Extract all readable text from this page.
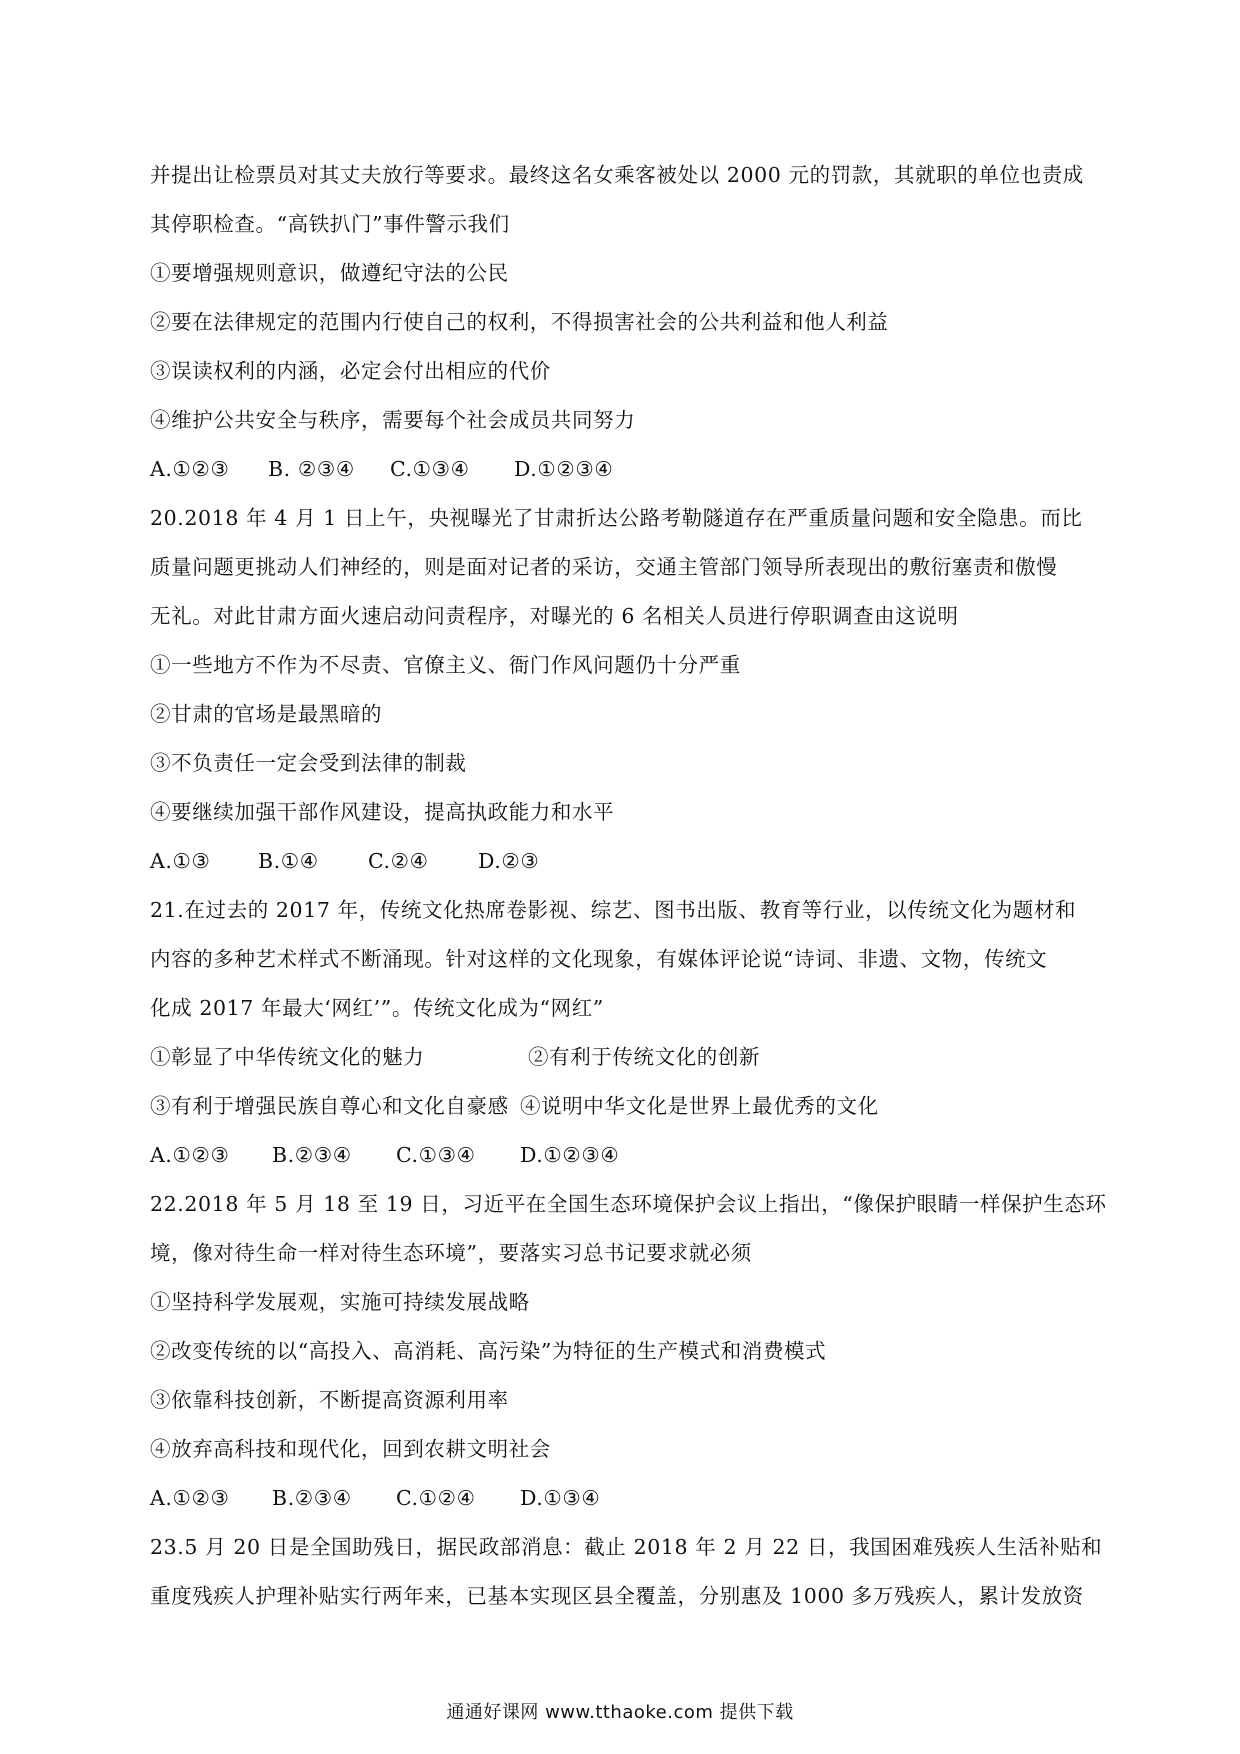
并提出让检票员对其丈夫放行等要求。最终这名女乘客被处以 2000 元的罚款，其就职的单位也责成
其停职检查。“高铁扒门”事件警示我们
①要增强规则意识，做遵纪守法的公民
②要在法律规定的范围内行使自己的权利，不得损害社会的公共利益和他人利益
③误读权利的内涵，必定会付出相应的代价
④维护公共安全与秩序，需要每个社会成员共同努力
A.①②③ B. ②③④ C.①③④ D.①②③④
20.2018 年 4 月 1 日上午，央视曝光了甘肃折达公路考勒隧道存在严重质量问题和安全隐患。而比
质量问题更挑动人们神经的，则是面对记者的采访，交通主管部门领导所表现出的敷衍塞责和傲慢
无礼。对此甘肃方面火速启动问责程序，对曝光的 6 名相关人员进行停职调查由这说明
①一些地方不作为不尽责、官僚主义、衙门作风问题仍十分严重
②甘肃的官场是最黑暗的
③不负责任一定会受到法律的制裁
④要继续加强干部作风建设，提高执政能力和水平
A.①③ B.①④ C.②④ D.②③
21.在过去的 2017 年，传统文化热席卷影视、综艺、图书出版、教育等行业，以传统文化为题材和
内容的多种艺术样式不断涌现。针对这样的文化现象，有媒体评论说“诗词、非遗、文物，传统文
化成 2017 年最大‘网红’”。传统文化成为“网红”
①彰显了中华传统文化的魅力	②有利于传统文化的创新
③有利于增强民族自尊心和文化自豪感 ④说明中华文化是世界上最优秀的文化
A.①②③ B.②③④ C.①③④ D.①②③④
22.2018 年 5 月 18 至 19 日，习近平在全国生态环境保护会议上指出，“像保护眼睛一样保护生态环
境，像对待生命一样对待生态环境”，要落实习总书记要求就必须
①坚持科学发展观，实施可持续发展战略
②改变传统的以“高投入、高消耗、高污染”为特征的生产模式和消费模式
③依靠科技创新，不断提高资源利用率
④放弃高科技和现代化，回到农耕文明社会
A.①②③ B.②③④ C.①②④ D.①③④
23.5 月 20 日是全国助残日，据民政部消息：截止 2018 年 2 月 22 日，我国困难残疾人生活补贴和
重度残疾人护理补贴实行两年来，已基本实现区县全覆盖，分别惠及 1000 多万残疾人，累计发放资
通通好课网 www.tthaoke.com 提供下载
